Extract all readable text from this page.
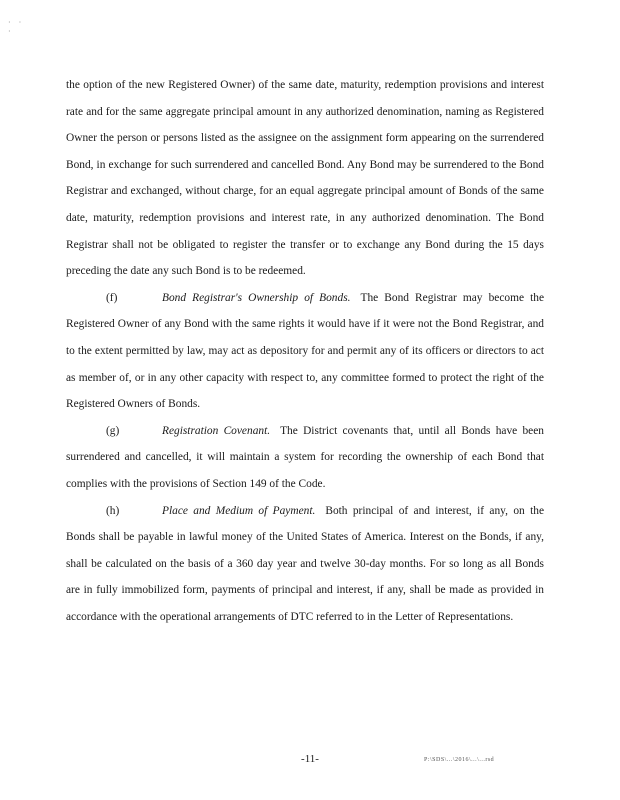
· ·
·

the option of the new Registered Owner) of the same date, maturity, redemption provisions and interest rate and for the same aggregate principal amount in any authorized denomination, naming as Registered Owner the person or persons listed as the assignee on the assignment form appearing on the surrendered Bond, in exchange for such surrendered and cancelled Bond. Any Bond may be surrendered to the Bond Registrar and exchanged, without charge, for an equal aggregate principal amount of Bonds of the same date, maturity, redemption provisions and interest rate, in any authorized denomination. The Bond Registrar shall not be obligated to register the transfer or to exchange any Bond during the 15 days preceding the date any such Bond is to be redeemed.

(f)	Bond Registrar's Ownership of Bonds. The Bond Registrar may become the Registered Owner of any Bond with the same rights it would have if it were not the Bond Registrar, and to the extent permitted by law, may act as depository for and permit any of its officers or directors to act as member of, or in any other capacity with respect to, any committee formed to protect the right of the Registered Owners of Bonds.

(g)	Registration Covenant. The District covenants that, until all Bonds have been surrendered and cancelled, it will maintain a system for recording the ownership of each Bond that complies with the provisions of Section 149 of the Code.

(h)	Place and Medium of Payment. Both principal of and interest, if any, on the Bonds shall be payable in lawful money of the United States of America. Interest on the Bonds, if any, shall be calculated on the basis of a 360 day year and twelve 30-day months. For so long as all Bonds are in fully immobilized form, payments of principal and interest, if any, shall be made as provided in accordance with the operational arrangements of DTC referred to in the Letter of Representations.

-11-	P:\SDS\...\2016\...\...rsd
